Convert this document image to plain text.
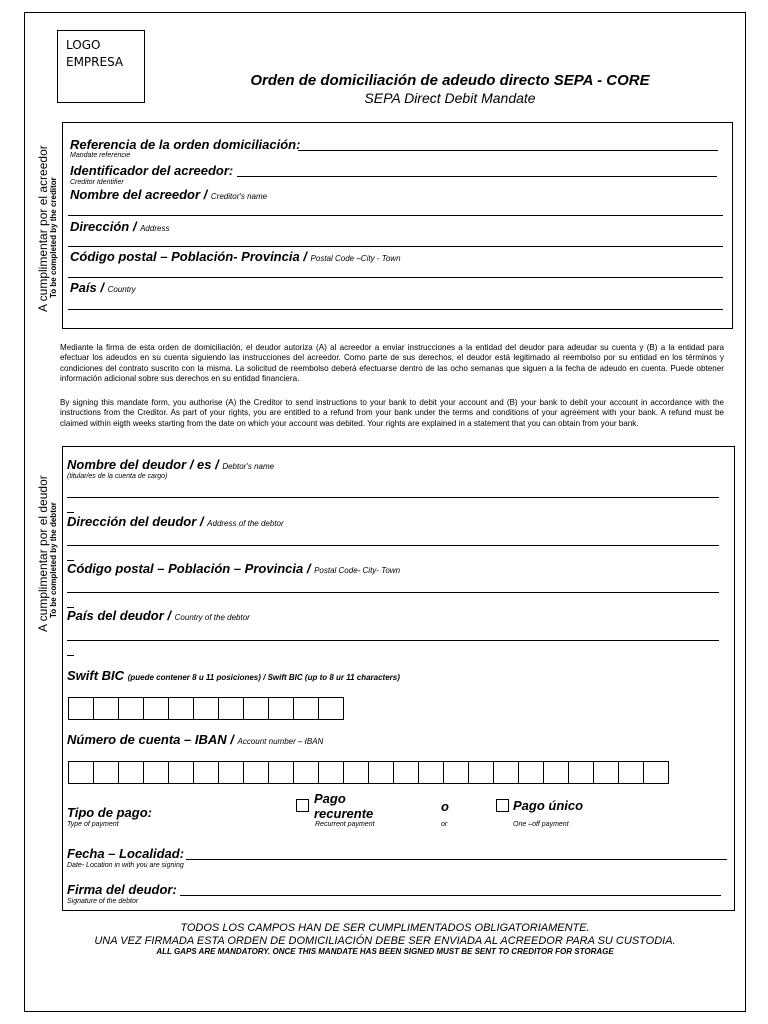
LOGO
EMPRESA
Orden de domiciliación de adeudo directo SEPA - CORE
SEPA Direct Debit Mandate
A cumplimentar por el acreedor To be completed by the creditor
Referencia de la orden domiciliación:
Mandate referencie
Identificador del acreedor:
Creditor Identifier
Nombre del acreedor / Creditor's name
Dirección / Address
Código postal – Población- Provincia / Postal Code –City - Town
País / Country
Mediante la firma de esta orden de domiciliación, el deudor autoriza (A) al acreedor a enviar instrucciones a la entidad del deudor para adeudar su cuenta y (B) a la entidad para efectuar los adeudos en su cuenta siguiendo las instrucciones del acreedor. Como parte de sus derechos, el deudor está legitimado al reembolso por su entidad en los términos y condiciones del contrato suscrito con la misma. La solicitud de reembolso deberá efectuarse dentro de las ocho semanas que siguen a la fecha de adeudo en cuenta. Puede obtener información adicional sobre sus derechos en su entidad financiera.
By signing this mandate form, you authorise (A) the Creditor to send instructions to your bank to debit your account and (B) your bank to debit your account in accordance with the instructions from the Creditor. As part of your rights, you are entitled to a refund from your bank under the terms and conditions of your agreement with your bank. A refund must be claimed within eigth weeks starting from the date on which your account was debited. Your rights are explained in a statement that you can obtain from your bank.
A cumplimentar por el deudor To be completed by the debtor
Nombre del deudor / es / Debtor's name
(titular/es de la cuenta de cargo)
Dirección del deudor / Address of the debtor
Código postal – Población – Provincia / Postal Code- City- Town
País del deudor / Country of the debtor
Swift BIC (puede contener 8 u 11 posiciones) / Swift BIC (up to 8 ur 11 characters)
Número de cuenta – IBAN / Account number – IBAN
Tipo de pago:
Type of payment
Pago recurente
Recurrent payment
o
or
Pago único
One –off payment
Fecha – Localidad:
Date- Location in with you are signing
Firma del deudor:
Signature of the debtor
TODOS LOS CAMPOS HAN DE SER CUMPLIMENTADOS OBLIGATORIAMENTE.
UNA VEZ FIRMADA ESTA ORDEN DE DOMICILIACIÓN DEBE SER ENVIADA AL ACREEDOR PARA SU CUSTODIA.
ALL GAPS ARE MANDATORY. ONCE THIS MANDATE HAS BEEN SIGNED MUST BE SENT TO CREDITOR FOR STORAGE
